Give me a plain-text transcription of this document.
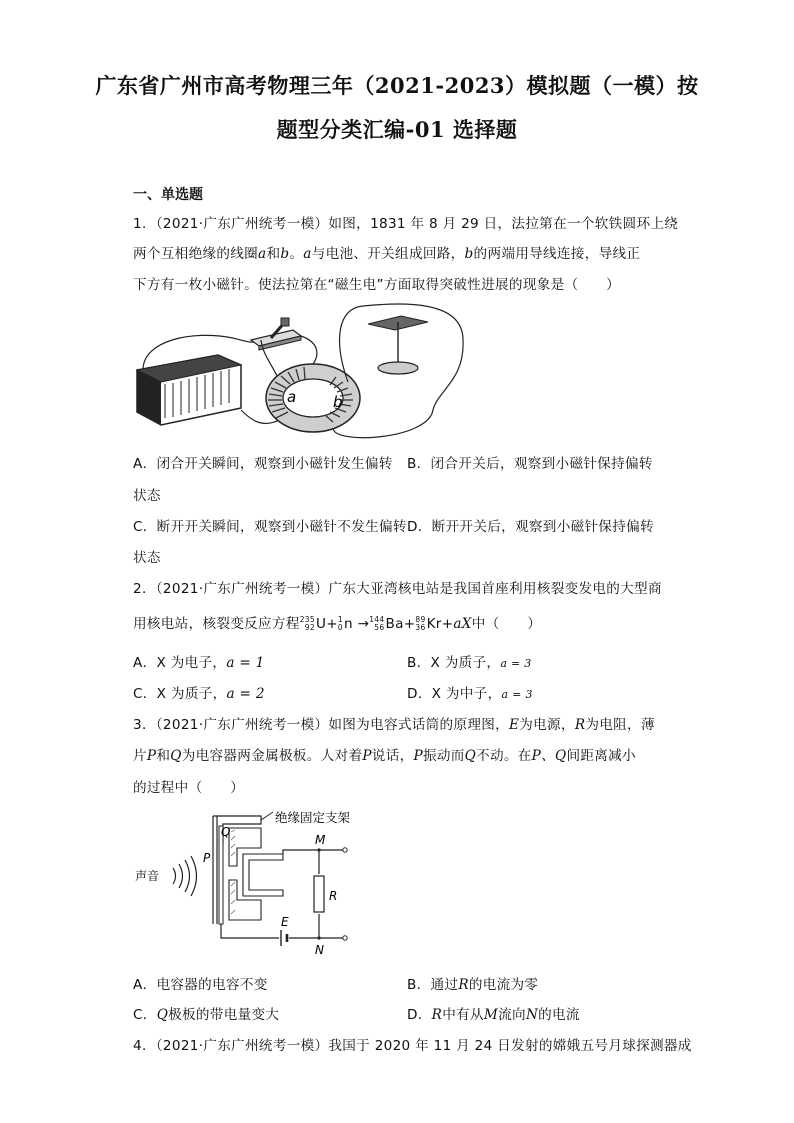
广东省广州市高考物理三年（2021-2023）模拟题（一模）按
题型分类汇编-01 选择题
一、单选题
1．（2021·广东广州统考一模）如图，1831 年 8 月 29 日，法拉第在一个软铁圆环上绕
两个互相绝缘的线圈a和b。a与电池、开关组成回路，b的两端用导线连接，导线正
下方有一枚小磁针。使法拉第在“磁生电”方面取得突破性进展的现象是（　　）
a b
A．闭合开关瞬间，观察到小磁针发生偏转 B．闭合开关后，观察到小磁针保持偏转
状态
C．断开开关瞬间，观察到小磁针不发生偏转 D．断开开关后，观察到小磁针保持偏转
状态
2．（2021·广东广州统考一模）广东大亚湾核电站是我国首座利用核裂变发电的大型商
用核电站，核裂变反应方程235
92U+1
0n →144
56Ba+89
36Kr+aX中（　　）
A．X 为电子，a = 1	B．X 为质子，a = 3
C．X 为质子，a = 2	D．X 为中子，a = 3
3．（2021·广东广州统考一模）如图为电容式话筒的原理图，E为电源，R为电阻，薄
片P和Q为电容器两金属极板。人对着P说话，P振动而Q不动。在P、Q间距离减小
的过程中（　　）
声音
Q
P
绝缘固定支架
M
N
R
E
A．电容器的电容不变	B．通过R的电流为零
C．Q极板的带电量变大	D．R中有从M流向N的电流
4．（2021·广东广州统考一模）我国于 2020 年 11 月 24 日发射的嫦娥五号月球探测器成
